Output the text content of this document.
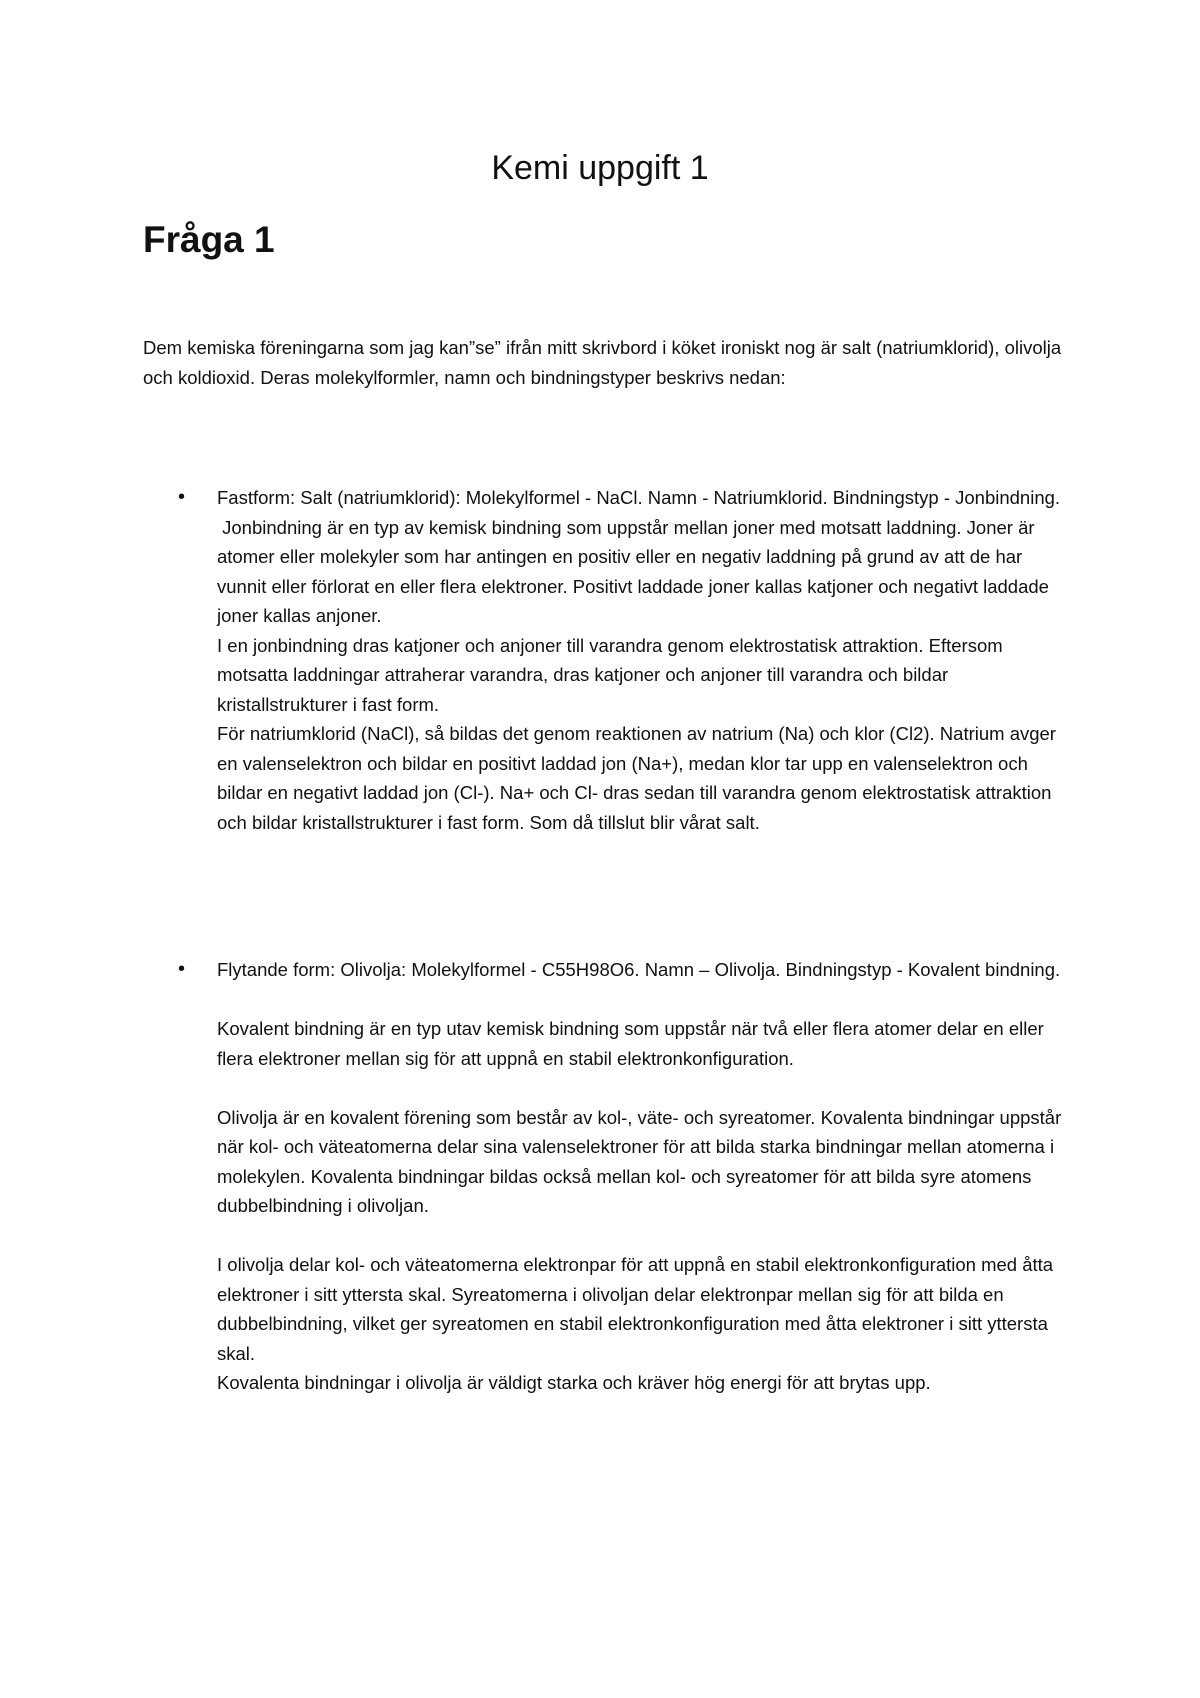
Kemi uppgift 1
Fråga 1

Dem kemiska föreningarna som jag kan”se” ifrån mitt skrivbord i köket ironiskt nog är salt (natriumklorid), olivolja och koldioxid. Deras molekylformler, namn och bindningstyper beskrivs nedan:

• Fastform: Salt (natriumklorid): Molekylformel - NaCl. Namn - Natriumklorid. Bindningstyp - Jonbindning.

Jonbindning är en typ av kemisk bindning som uppstår mellan joner med motsatt laddning. Joner är atomer eller molekyler som har antingen en positiv eller en negativ laddning på grund av att de har vunnit eller förlorat en eller flera elektroner. Positivt laddade joner kallas katjoner och negativt laddade joner kallas anjoner.

I en jonbindning dras katjoner och anjoner till varandra genom elektrostatisk attraktion. Eftersom motsatta laddningar attraherar varandra, dras katjoner och anjoner till varandra och bildar kristallstrukturer i fast form.

För natriumklorid (NaCl), så bildas det genom reaktionen av natrium (Na) och klor (Cl2). Natrium avger en valenselektron och bildar en positivt laddad jon (Na+), medan klor tar upp en valenselektron och bildar en negativt laddad jon (Cl-). Na+ och Cl- dras sedan till varandra genom elektrostatisk attraktion och bildar kristallstrukturer i fast form. Som då tillslut blir vårat salt.

• Flytande form: Olivolja: Molekylformel - C55H98O6. Namn – Olivolja. Bindningstyp - Kovalent bindning.

Kovalent bindning är en typ utav kemisk bindning som uppstår när två eller flera atomer delar en eller flera elektroner mellan sig för att uppnå en stabil elektronkonfiguration.

Olivolja är en kovalent förening som består av kol-, väte- och syreatomer. Kovalenta bindningar uppstår när kol- och väteatomerna delar sina valenselektroner för att bilda starka bindningar mellan atomerna i molekylen. Kovalenta bindningar bildas också mellan kol- och syreatomer för att bilda syre atomens dubbelbindning i olivoljan.

I olivolja delar kol- och väteatomerna elektronpar för att uppnå en stabil elektronkonfiguration med åtta elektroner i sitt yttersta skal. Syreatomerna i olivoljan delar elektronpar mellan sig för att bilda en dubbelbindning, vilket ger syreatomen en stabil elektronkonfiguration med åtta elektroner i sitt yttersta skal.

Kovalenta bindningar i olivolja är väldigt starka och kräver hög energi för att brytas upp.
